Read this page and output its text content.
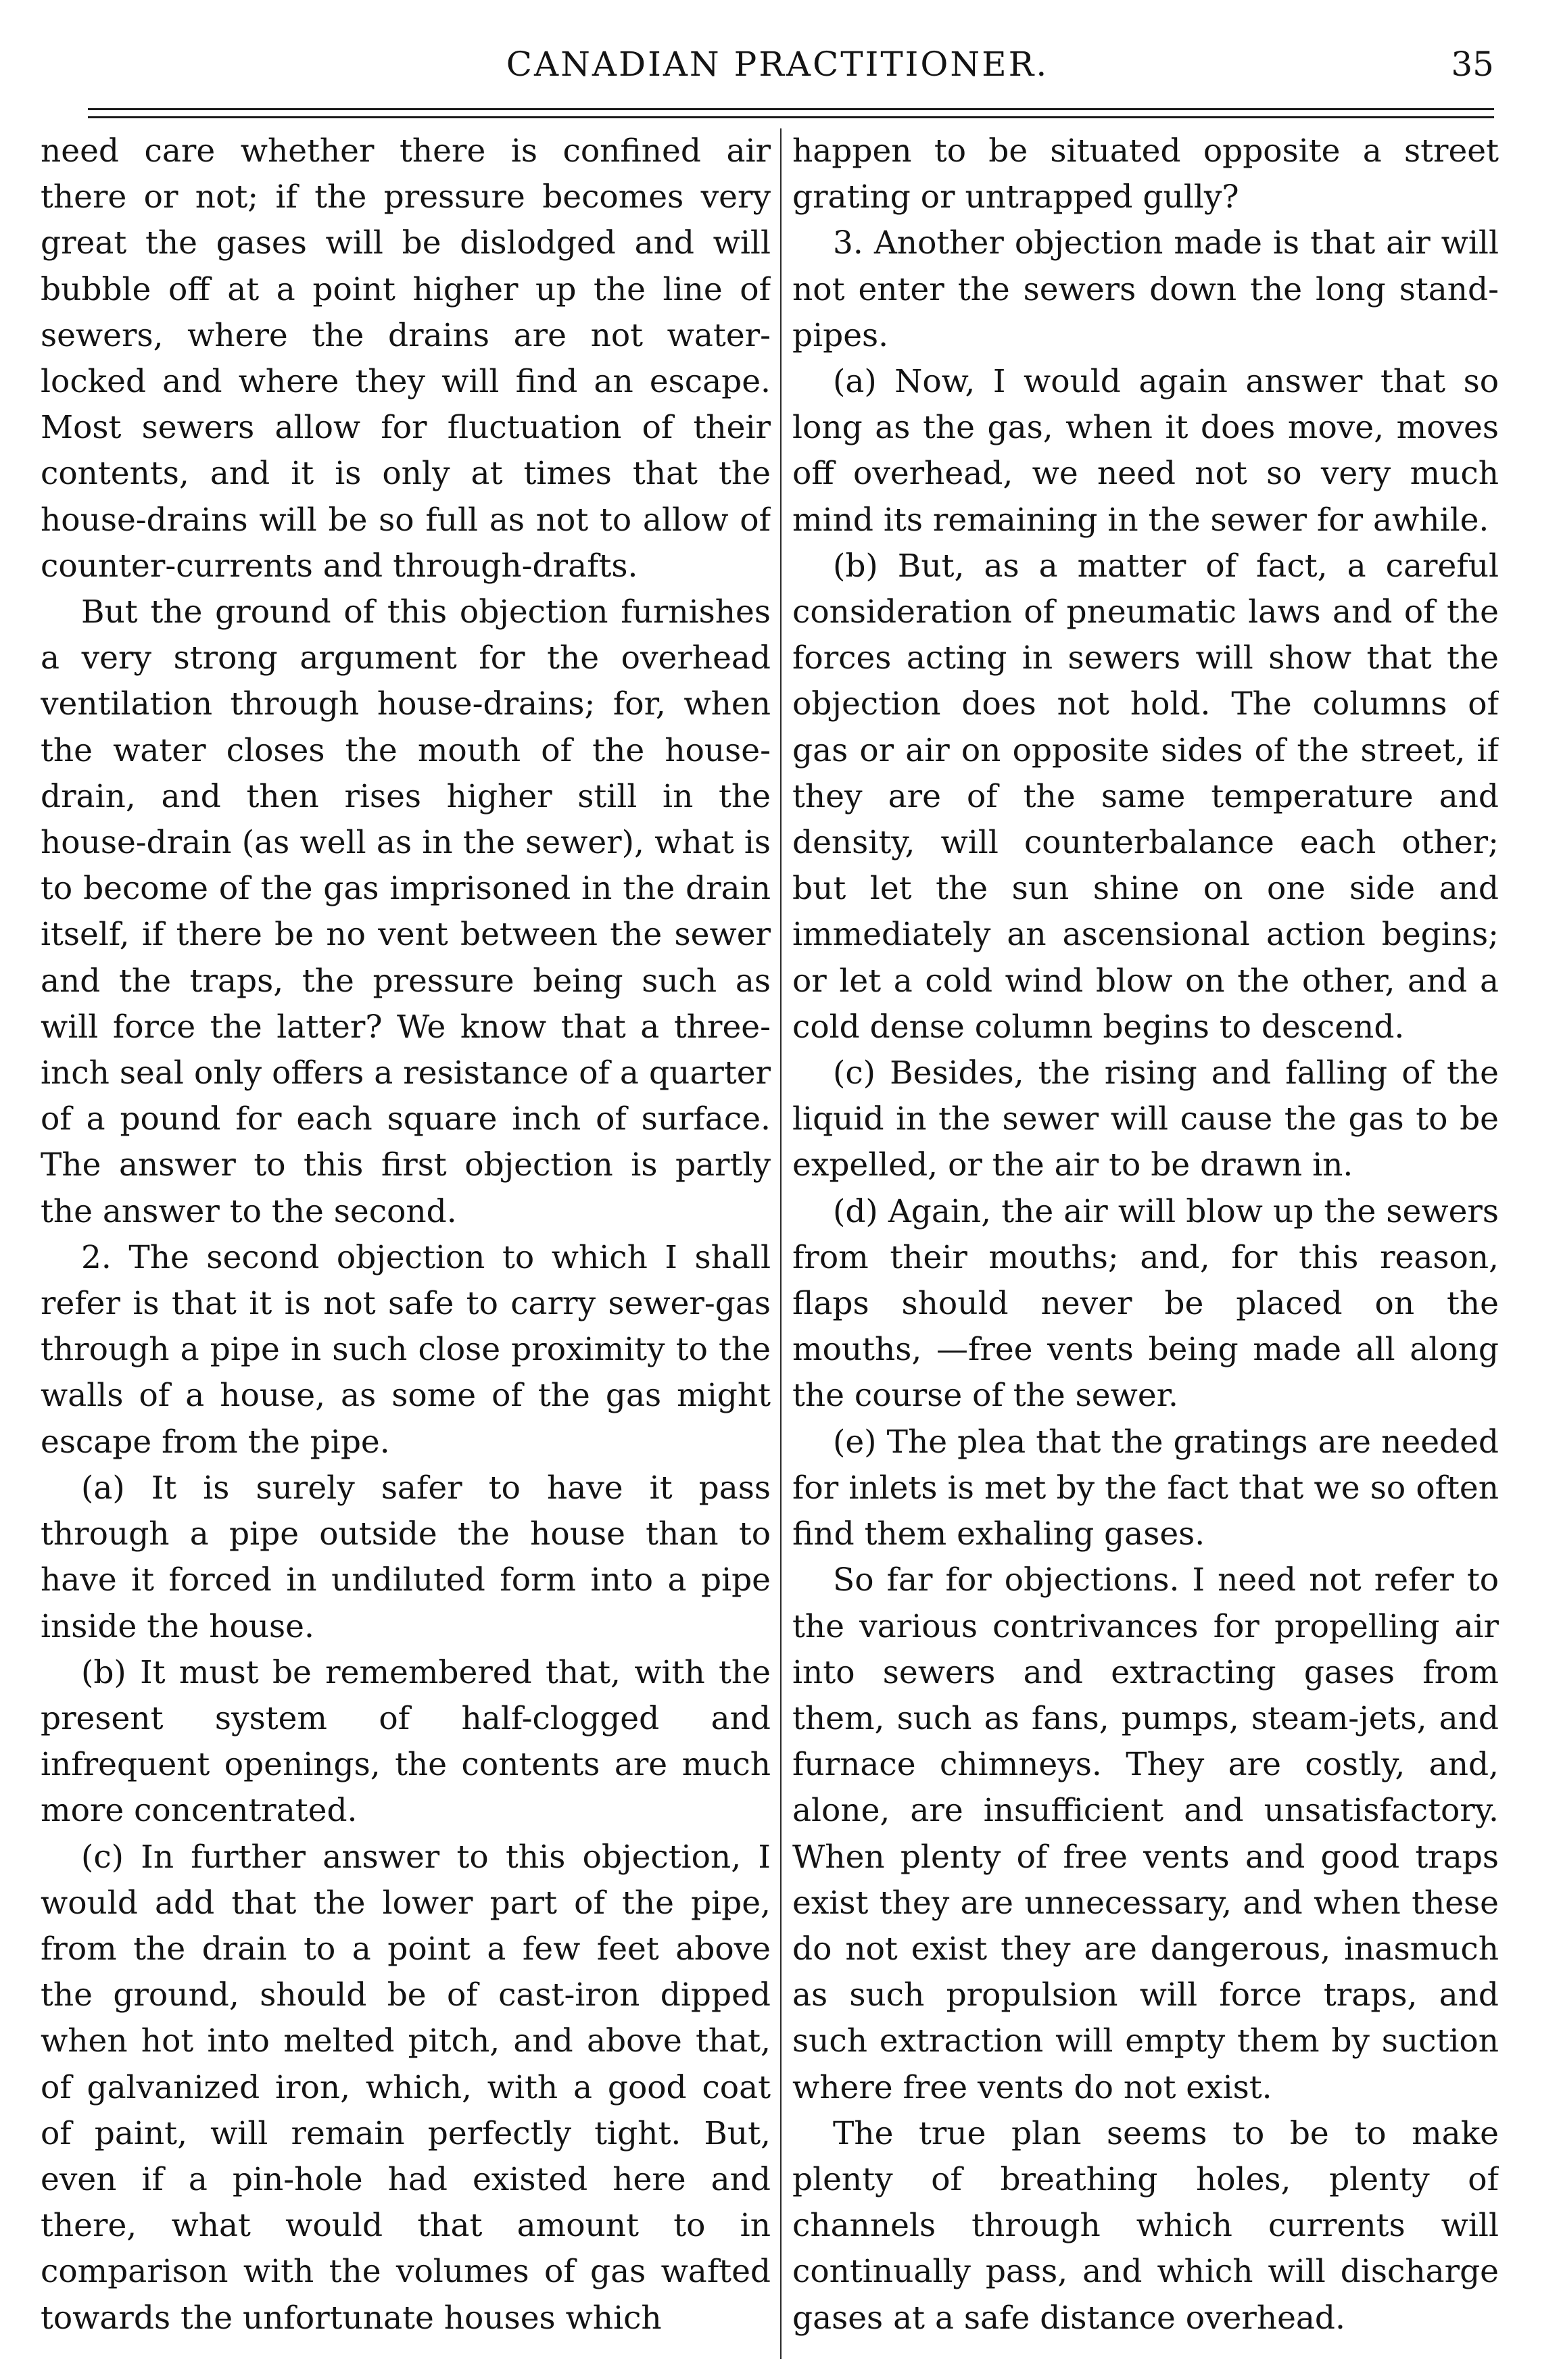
CANADIAN PRACTITIONER.	35

need care whether there is confined air there or not; if the pressure becomes very great the gases will be dislodged and will bubble off at a point higher up the line of sewers, where the drains are not water-locked and where they will find an escape. Most sewers allow for fluctuation of their contents, and it is only at times that the house-drains will be so full as not to allow of counter-currents and through-drafts.

But the ground of this objection furnishes a very strong argument for the overhead ventilation through house-drains; for, when the water closes the mouth of the house-drain, and then rises higher still in the house-drain (as well as in the sewer), what is to become of the gas imprisoned in the drain itself, if there be no vent between the sewer and the traps, the pressure being such as will force the latter? We know that a three-inch seal only offers a resistance of a quarter of a pound for each square inch of surface. The answer to this first objection is partly the answer to the second.

2. The second objection to which I shall refer is that it is not safe to carry sewer-gas through a pipe in such close proximity to the walls of a house, as some of the gas might escape from the pipe.

(a) It is surely safer to have it pass through a pipe outside the house than to have it forced in undiluted form into a pipe inside the house.

(b) It must be remembered that, with the present system of half-clogged and infrequent openings, the contents are much more concentrated.

(c) In further answer to this objection, I would add that the lower part of the pipe, from the drain to a point a few feet above the ground, should be of cast-iron dipped when hot into melted pitch, and above that, of galvanized iron, which, with a good coat of paint, will remain perfectly tight. But, even if a pin-hole had existed here and there, what would that amount to in comparison with the volumes of gas wafted towards the unfortunate houses which

happen to be situated opposite a street grating or untrapped gully?

3. Another objection made is that air will not enter the sewers down the long stand-pipes.

(a) Now, I would again answer that so long as the gas, when it does move, moves off overhead, we need not so very much mind its remaining in the sewer for awhile.

(b) But, as a matter of fact, a careful consideration of pneumatic laws and of the forces acting in sewers will show that the objection does not hold. The columns of gas or air on opposite sides of the street, if they are of the same temperature and density, will counterbalance each other; but let the sun shine on one side and immediately an ascensional action begins; or let a cold wind blow on the other, and a cold dense column begins to descend.

(c) Besides, the rising and falling of the liquid in the sewer will cause the gas to be expelled, or the air to be drawn in.

(d) Again, the air will blow up the sewers from their mouths; and, for this reason, flaps should never be placed on the mouths, —free vents being made all along the course of the sewer.

(e) The plea that the gratings are needed for inlets is met by the fact that we so often find them exhaling gases.

So far for objections. I need not refer to the various contrivances for propelling air into sewers and extracting gases from them, such as fans, pumps, steam-jets, and furnace chimneys. They are costly, and, alone, are insufficient and unsatisfactory. When plenty of free vents and good traps exist they are unnecessary, and when these do not exist they are dangerous, inasmuch as such propulsion will force traps, and such extraction will empty them by suction where free vents do not exist.

The true plan seems to be to make plenty of breathing holes, plenty of channels through which currents will continually pass, and which will discharge gases at a safe distance overhead.
